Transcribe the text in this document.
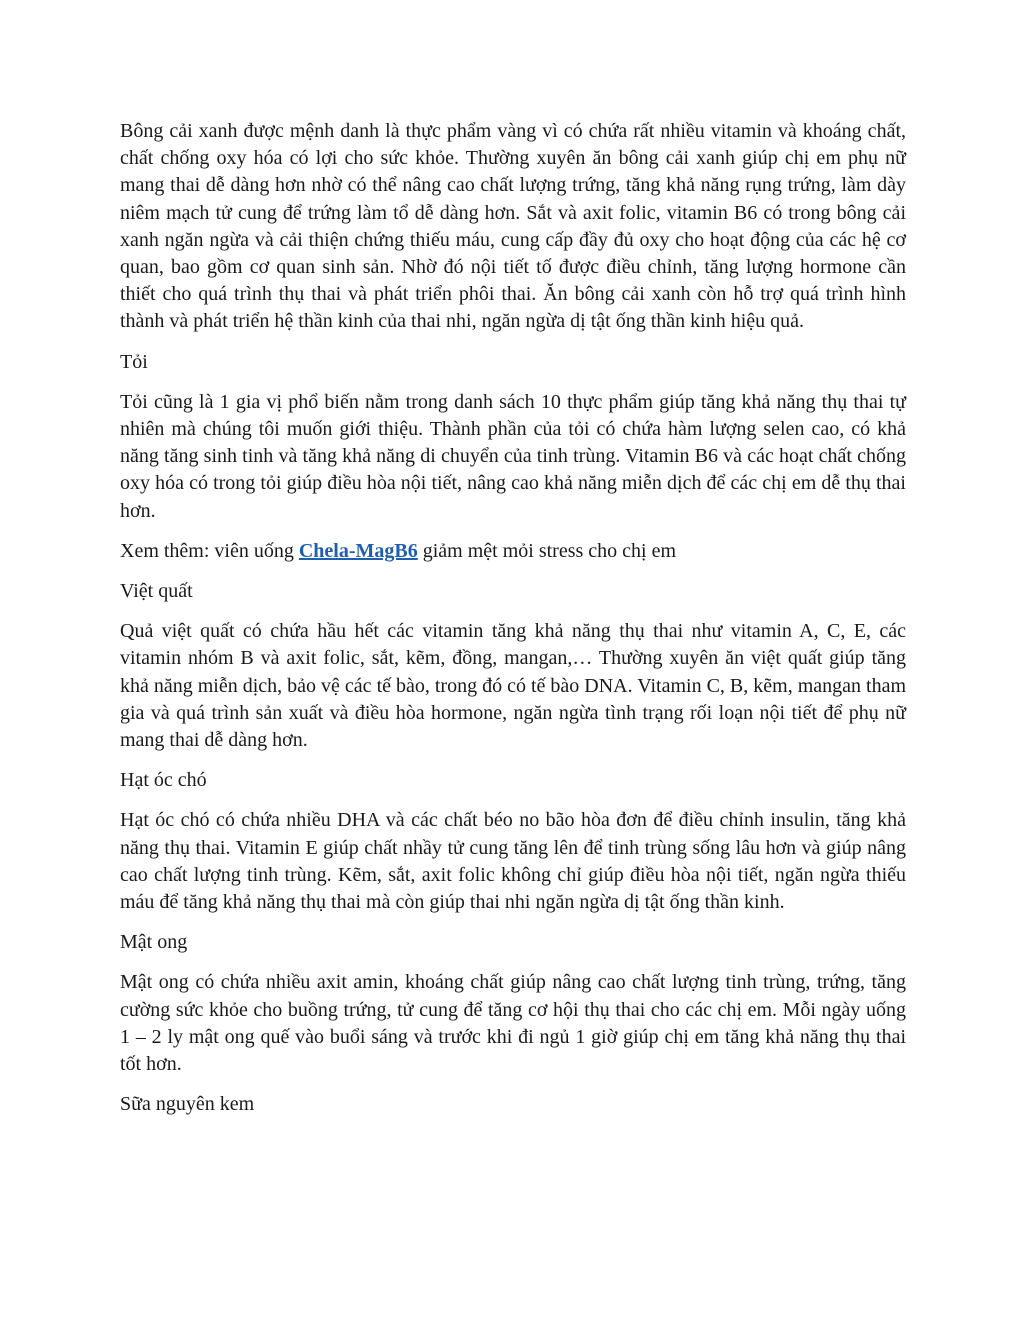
Bông cải xanh được mệnh danh là thực phẩm vàng vì có chứa rất nhiều vitamin và khoáng chất, chất chống oxy hóa có lợi cho sức khỏe. Thường xuyên ăn bông cải xanh giúp chị em phụ nữ mang thai dễ dàng hơn nhờ có thể nâng cao chất lượng trứng, tăng khả năng rụng trứng, làm dày niêm mạch tử cung để trứng làm tổ dễ dàng hơn. Sắt và axit folic, vitamin B6 có trong bông cải xanh ngăn ngừa và cải thiện chứng thiếu máu, cung cấp đầy đủ oxy cho hoạt động của các hệ cơ quan, bao gồm cơ quan sinh sản. Nhờ đó nội tiết tố được điều chỉnh, tăng lượng hormone cần thiết cho quá trình thụ thai và phát triển phôi thai. Ăn bông cải xanh còn hỗ trợ quá trình hình thành và phát triển hệ thần kinh của thai nhi, ngăn ngừa dị tật ống thần kinh hiệu quả.

Tỏi

Tỏi cũng là 1 gia vị phổ biến nằm trong danh sách 10 thực phẩm giúp tăng khả năng thụ thai tự nhiên mà chúng tôi muốn giới thiệu. Thành phần của tỏi có chứa hàm lượng selen cao, có khả năng tăng sinh tinh và tăng khả năng di chuyển của tinh trùng. Vitamin B6 và các hoạt chất chống oxy hóa có trong tỏi giúp điều hòa nội tiết, nâng cao khả năng miễn dịch để các chị em dễ thụ thai hơn.

Xem thêm: viên uống Chela-MagB6 giảm mệt mỏi stress cho chị em

Việt quất

Quả việt quất có chứa hầu hết các vitamin tăng khả năng thụ thai như vitamin A, C, E, các vitamin nhóm B và axit folic, sắt, kẽm, đồng, mangan,… Thường xuyên ăn việt quất giúp tăng khả năng miễn dịch, bảo vệ các tế bào, trong đó có tế bào DNA. Vitamin C, B, kẽm, mangan tham gia và quá trình sản xuất và điều hòa hormone, ngăn ngừa tình trạng rối loạn nội tiết để phụ nữ mang thai dễ dàng hơn.

Hạt óc chó

Hạt óc chó có chứa nhiều DHA và các chất béo no bão hòa đơn để điều chỉnh insulin, tăng khả năng thụ thai. Vitamin E giúp chất nhầy tử cung tăng lên để tinh trùng sống lâu hơn và giúp nâng cao chất lượng tinh trùng. Kẽm, sắt, axit folic không chỉ giúp điều hòa nội tiết, ngăn ngừa thiếu máu để tăng khả năng thụ thai mà còn giúp thai nhi ngăn ngừa dị tật ống thần kinh.

Mật ong

Mật ong có chứa nhiều axit amin, khoáng chất giúp nâng cao chất lượng tinh trùng, trứng, tăng cường sức khỏe cho buồng trứng, tử cung để tăng cơ hội thụ thai cho các chị em. Mỗi ngày uống 1 – 2 ly mật ong quế vào buổi sáng và trước khi đi ngủ 1 giờ giúp chị em tăng khả năng thụ thai tốt hơn.

Sữa nguyên kem
